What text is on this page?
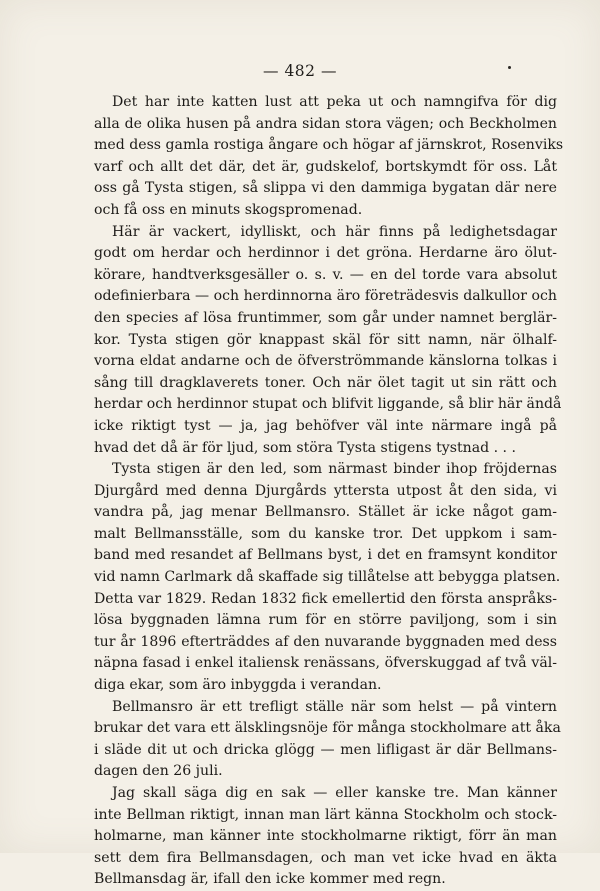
— 482 —
Det har inte katten lust att peka ut och namngifva för dig
alla de olika husen på andra sidan stora vägen; och Beckholmen
med dess gamla rostiga ångare och högar af järnskrot, Rosenviks
varf och allt det där, det är, gudskelof, bortskymdt för oss. Låt
oss gå Tysta stigen, så slippa vi den dammiga bygatan där nere
och få oss en minuts skogspromenad.
Här är vackert, idylliskt, och här finns på ledighetsdagar
godt om herdar och herdinnor i det gröna. Herdarne äro ölut-
körare, handtverksgesäller o. s. v. — en del torde vara absolut
odefinierbara — och herdinnorna äro företrädesvis dalkullor och
den species af lösa fruntimmer, som går under namnet berglär-
kor. Tysta stigen gör knappast skäl för sitt namn, när ölhalf-
vorna eldat andarne och de öfverströmmande känslorna tolkas i
sång till dragklaverets toner. Och när ölet tagit ut sin rätt och
herdar och herdinnor stupat och blifvit liggande, så blir här ändå
icke riktigt tyst — ja, jag behöfver väl inte närmare ingå på
hvad det då är för ljud, som störa Tysta stigens tystnad . . .
Tysta stigen är den led, som närmast binder ihop fröjdernas
Djurgård med denna Djurgårds yttersta utpost åt den sida, vi
vandra på, jag menar Bellmansro. Stället är icke något gam-
malt Bellmansställe, som du kanske tror. Det uppkom i sam-
band med resandet af Bellmans byst, i det en framsynt konditor
vid namn Carlmark då skaffade sig tillåtelse att bebygga platsen.
Detta var 1829. Redan 1832 fick emellertid den första anspråks-
lösa byggnaden lämna rum för en större paviljong, som i sin
tur år 1896 efterträddes af den nuvarande byggnaden med dess
näpna fasad i enkel italiensk renässans, öfverskuggad af två väl-
diga ekar, som äro inbyggda i verandan.
Bellmansro är ett trefligt ställe när som helst — på vintern
brukar det vara ett älsklingsnöje för många stockholmare att åka
i släde dit ut och dricka glögg — men lifligast är där Bellmans-
dagen den 26 juli.
Jag skall säga dig en sak — eller kanske tre. Man känner
inte Bellman riktigt, innan man lärt känna Stockholm och stock-
holmarne, man känner inte stockholmarne riktigt, förr än man
sett dem fira Bellmansdagen, och man vet icke hvad en äkta
Bellmansdag är, ifall den icke kommer med regn.
